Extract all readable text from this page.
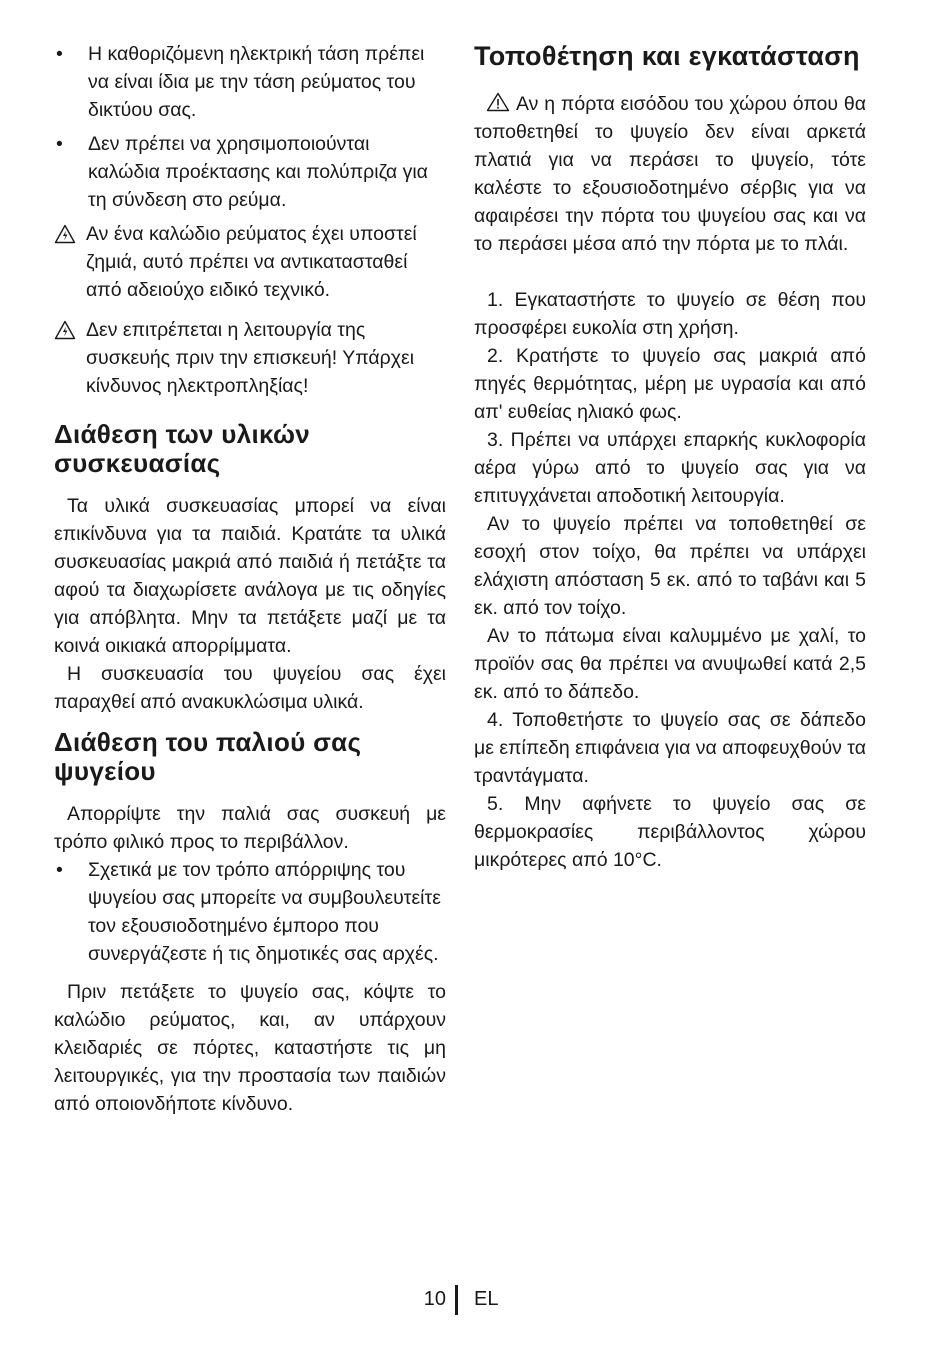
• Η καθοριζόμενη ηλεκτρική τάση πρέπει να είναι ίδια με την τάση ρεύματος του δικτύου σας.
• Δεν πρέπει να χρησιμοποιούνται καλώδια προέκτασης και πολύπριζα για τη σύνδεση στο ρεύμα.
Αν ένα καλώδιο ρεύματος έχει υποστεί ζημιά, αυτό πρέπει να αντικατασταθεί από αδειούχο ειδικό τεχνικό.
Δεν επιτρέπεται η λειτουργία της συσκευής πριν την επισκευή! Υπάρχει κίνδυνος ηλεκτροπληξίας!
Διάθεση των υλικών συσκευασίας

Τα υλικά συσκευασίας μπορεί να είναι επικίνδυνα για τα παιδιά. Κρατάτε τα υλικά συσκευασίας μακριά από παιδιά ή πετάξτε τα αφού τα διαχωρίσετε ανάλογα με τις οδηγίες για απόβλητα. Μην τα πετάξετε μαζί με τα κοινά οικιακά απορρίμματα.

Η συσκευασία του ψυγείου σας έχει παραχθεί από ανακυκλώσιμα υλικά.

Διάθεση του παλιού σας ψυγείου

Απορρίψτε την παλιά σας συσκευή με τρόπο φιλικό προς το περιβάλλον.

• Σχετικά με τον τρόπο απόρριψης του ψυγείου σας μπορείτε να συμβουλευτείτε τον εξουσιοδοτημένο έμπορο που συνεργάζεστε ή τις δημοτικές σας αρχές.

Πριν πετάξετε το ψυγείο σας, κόψτε το καλώδιο ρεύματος, και, αν υπάρχουν κλειδαριές σε πόρτες, καταστήστε τις μη λειτουργικές, για την προστασία των παιδιών από οποιονδήποτε κίνδυνο.

Τοποθέτηση και εγκατάσταση

Αν η πόρτα εισόδου του χώρου όπου θα τοποθετηθεί το ψυγείο δεν είναι αρκετά πλατιά για να περάσει το ψυγείο, τότε καλέστε το εξουσιοδοτημένο σέρβις για να αφαιρέσει την πόρτα του ψυγείου σας και να το περάσει μέσα από την πόρτα με το πλάι.

1. Εγκαταστήστε το ψυγείο σε θέση που προσφέρει ευκολία στη χρήση.

2. Κρατήστε το ψυγείο σας μακριά από πηγές θερμότητας, μέρη με υγρασία και από απ' ευθείας ηλιακό φως.

3. Πρέπει να υπάρχει επαρκής κυκλοφορία αέρα γύρω από το ψυγείο σας για να επιτυγχάνεται αποδοτική λειτουργία.

Αν το ψυγείο πρέπει να τοποθετηθεί σε εσοχή στον τοίχο, θα πρέπει να υπάρχει ελάχιστη απόσταση 5 εκ. από το ταβάνι και 5 εκ. από τον τοίχο.

Αν το πάτωμα είναι καλυμμένο με χαλί, το προϊόν σας θα πρέπει να ανυψωθεί κατά 2,5 εκ. από το δάπεδο.

4. Τοποθετήστε το ψυγείο σας σε δάπεδο με επίπεδη επιφάνεια για να αποφευχθούν τα τραντάγματα.

5. Μην αφήνετε το ψυγείο σας σε θερμοκρασίες περιβάλλοντος χώρου μικρότερες από 10°C.

10 EL
